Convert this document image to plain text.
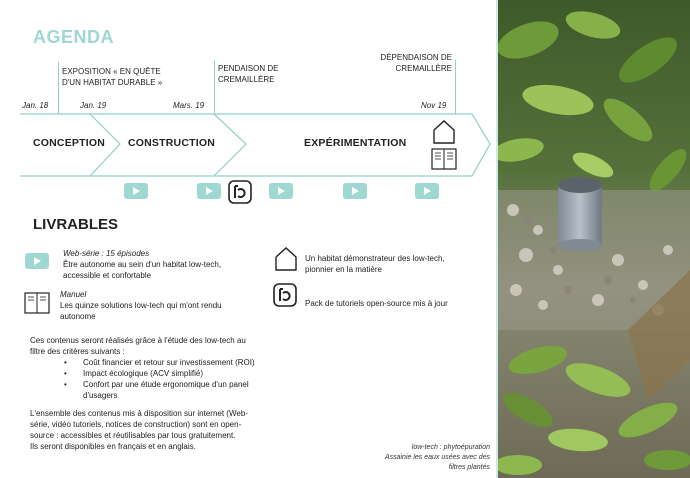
AGENDA
EXPOSITION « EN QUÊTE
D'UN HABITAT DURABLE »
PENDAISON DE
CREMAILLÈRE
DÉPENDAISON DE
CREMAILLÈRE
Jan. 18	Jan. 19	Mars. 19	Nov 19
CONCEPTION CONSTRUCTION	EXPÉRIMENTATION
LIVRABLES
Web-série : 15 épisodes
Être autonome au sein d'un habitat low-tech,
accessible et confortable
Manuel
Les quinze solutions low-tech qui m'ont rendu
autonome
Un habitat démonstrateur des low-tech,
pionnier en la matière
Pack de tutoriels open-source mis à jour
Ces contenus seront réalisés grâce à l'étude des low-tech au
filtre des critères suivants :
• Coût financier et retour sur investissement (ROI)
• Impact écologique (ACV simplifié)
• Confort par une étude ergonomique d'un panel
d'usagers
L'ensemble des contenus mis à disposition sur internet (Web-
série, vidéo tutoriels, notices de construction) sont en open-
source : accessibles et réutilisables par tous gratuitement.
Ils seront disponibles en français et en anglais.	low-tech : phytoépuration
Assainie les eaux usées avec des
filtres plantés
